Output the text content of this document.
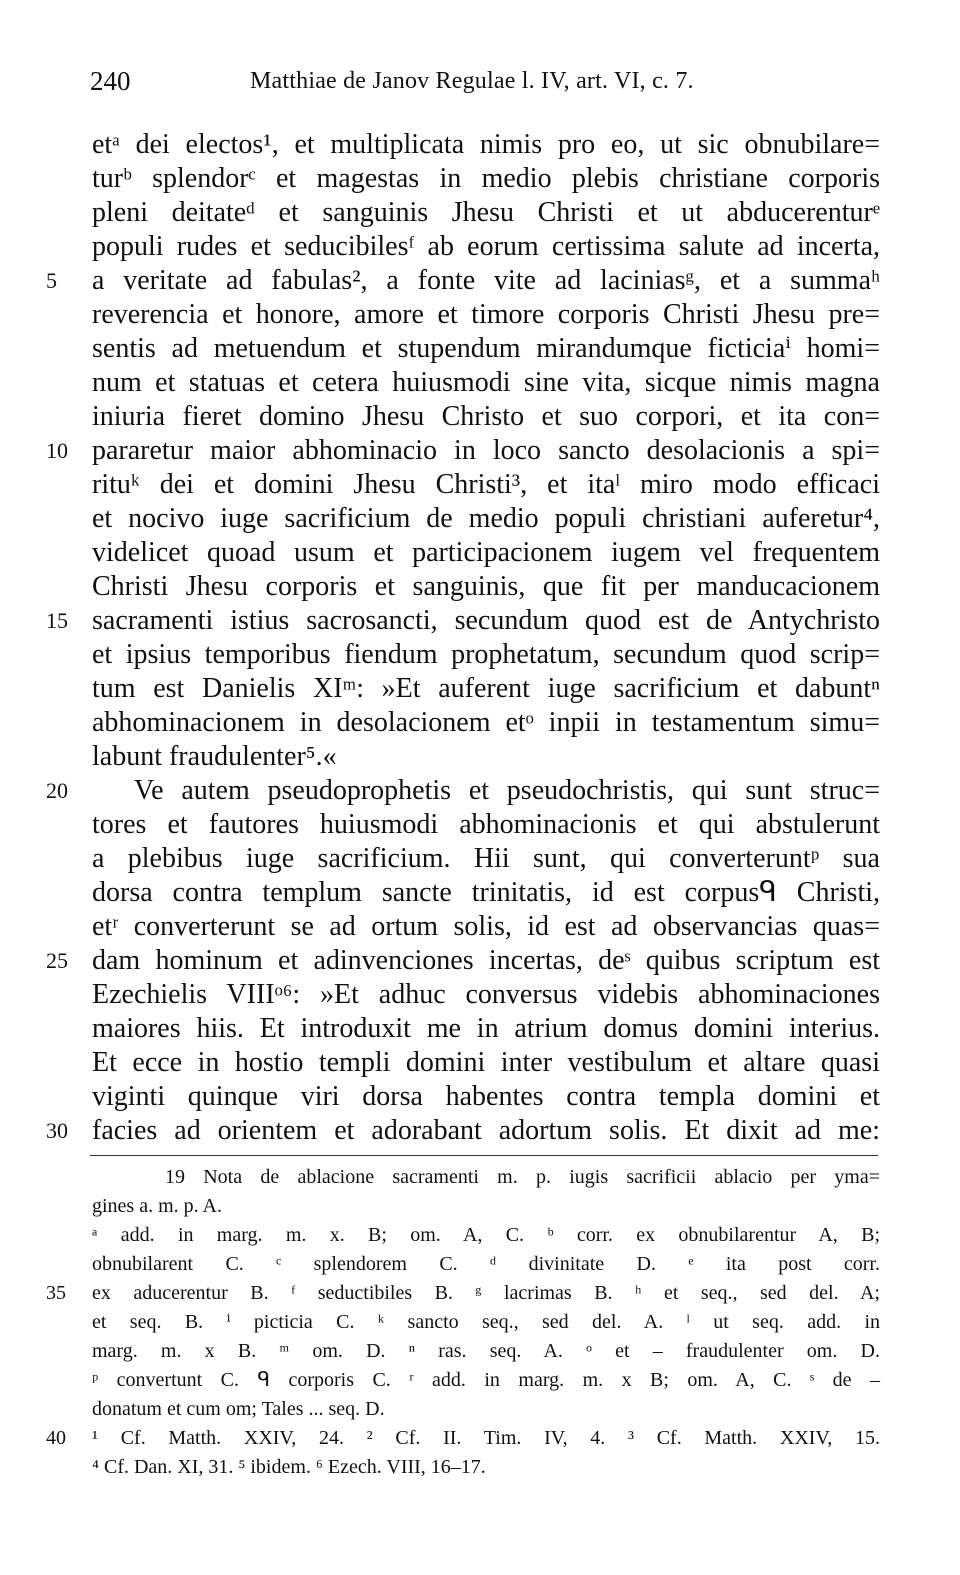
240	Matthiae de Janov Regulae l. IV, art. VI, c. 7.
etᵃ dei electos¹, et multiplicata nimis pro eo, ut sic obnubilare=
turᵇ splendorᶜ et magestas in medio plebis christiane corporis
pleni deitateᵈ et sanguinis Jhesu Christi et ut abducerenturᵉ
populi rudes et seducibilesᶠ ab eorum certissima salute ad incerta,
a veritate ad fabulas², a fonte vite ad laciniasᵍ, et a summaʰ
reverencia et honore, amore et timore corporis Christi Jhesu pre=
sentis ad metuendum et stupendum mirandumque ficticiaⁱ homi=
num et statuas et cetera huiusmodi sine vita, sicque nimis magna
iniuria fieret domino Jhesu Christo et suo corpori, et ita con=
pararetur maior abhominacio in loco sancto desolacionis a spi=
rituᵏ dei et domini Jhesu Christi³, et itaˡ miro modo efficaci
et nocivo iuge sacrificium de medio populi christiani auferetur⁴,
videlicet quoad usum et participacionem iugem vel frequentem
Christi Jhesu corporis et sanguinis, que fit per manducacionem
sacramenti istius sacrosancti, secundum quod est de Antychristo
et ipsius temporibus fiendum prophetatum, secundum quod scrip=
tum est Danielis XIᵐ: »Et auferent iuge sacrificium et dabuntⁿ
abhominacionem in desolacionem etᵒ inpii in testamentum simu=
labunt fraudulenter⁵.«
Ve autem pseudoprophetis et pseudochristis, qui sunt struc=
tores et fautores huiusmodi abhominacionis et qui abstulerunt
a plebibus iuge sacrificium. Hii sunt, qui converteruntᵖ sua
dorsa contra templum sancte trinitatis, id est corpusᑫ Christi,
etʳ converterunt se ad ortum solis, id est ad observancias quas=
dam hominum et adinvenciones incertas, deˢ quibus scriptum est
Ezechielis VIIIᵒ⁶: »Et adhuc conversus videbis abhominaciones
maiores hiis. Et introduxit me in atrium domus domini interius.
Et ecce in hostio templi domini inter vestibulum et altare quasi
viginti quinque viri dorsa habentes contra templa domini et
facies ad orientem et adorabant adortum solis. Et dixit ad me:
5
10
15
20
25
30
19 Nota de ablacione sacramenti m. p. iugis sacrificii ablacio per yma=
gines a. m. p. A.
ᵃ add. in marg. m. x. B; om. A, C. ᵇ corr. ex obnubilarentur A, B;
obnubilarent C. ᶜ splendorem C. ᵈ divinitate D. ᵉ ita post corr.
ex aducerentur B. ᶠ seductibiles B. ᵍ lacrimas B. ʰ et seq., sed del. A;
et seq. B. ⁱ picticia C. ᵏ sancto seq., sed del. A. ˡ ut seq. add. in
marg. m. x B. ᵐ om. D. ⁿ ras. seq. A. ᵒ et – fraudulenter om. D.
ᵖ convertunt C. ᑫ corporis C. ʳ add. in marg. m. x B; om. A, C. ˢ de –
donatum et cum om; Tales ... seq. D.
¹ Cf. Matth. XXIV, 24. ² Cf. II. Tim. IV, 4. ³ Cf. Matth. XXIV, 15.
⁴ Cf. Dan. XI, 31. ⁵ ibidem. ⁶ Ezech. VIII, 16–17.
35
40
